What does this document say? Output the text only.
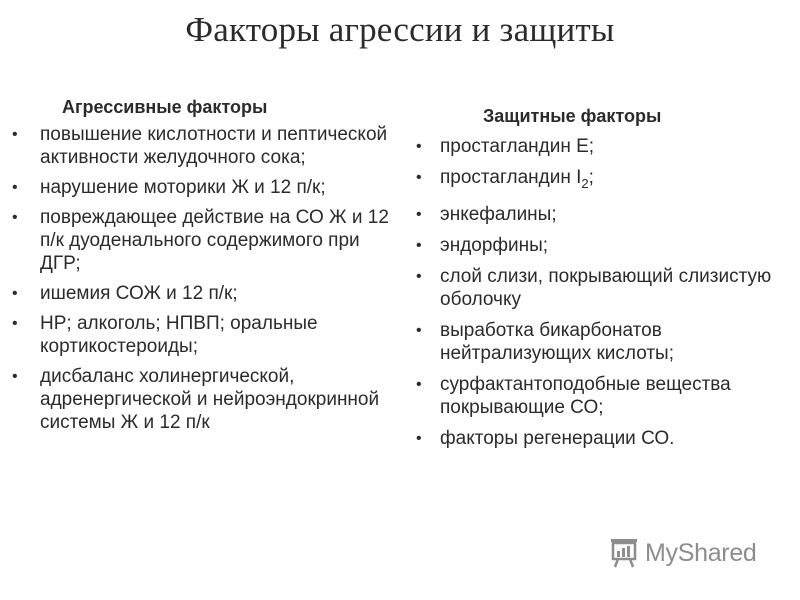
Факторы агрессии и защиты
Агрессивные факторы
• повышение кислотности и пептической активности желудочного сока;
• нарушение моторики Ж и 12 п/к;
• повреждающее действие на СО Ж и 12 п/к дуоденального содержимого при ДГР;
• ишемия СОЖ и 12 п/к;
• HP; алкоголь; НПВП; оральные кортикостероиды;
• дисбаланс холинергической, адренергической и нейроэндокринной системы Ж и 12 п/к
Защитные факторы
• простагландин Е;
• простагландин $I_2$;
• энкефалины;
• эндорфины;
• слой слизи, покрывающий слизистую оболочку
• выработка бикарбонатов нейтрализующих кислоты;
• сурфактантоподобные вещества покрывающие СО;
• факторы регенерации СО.
MyShared
